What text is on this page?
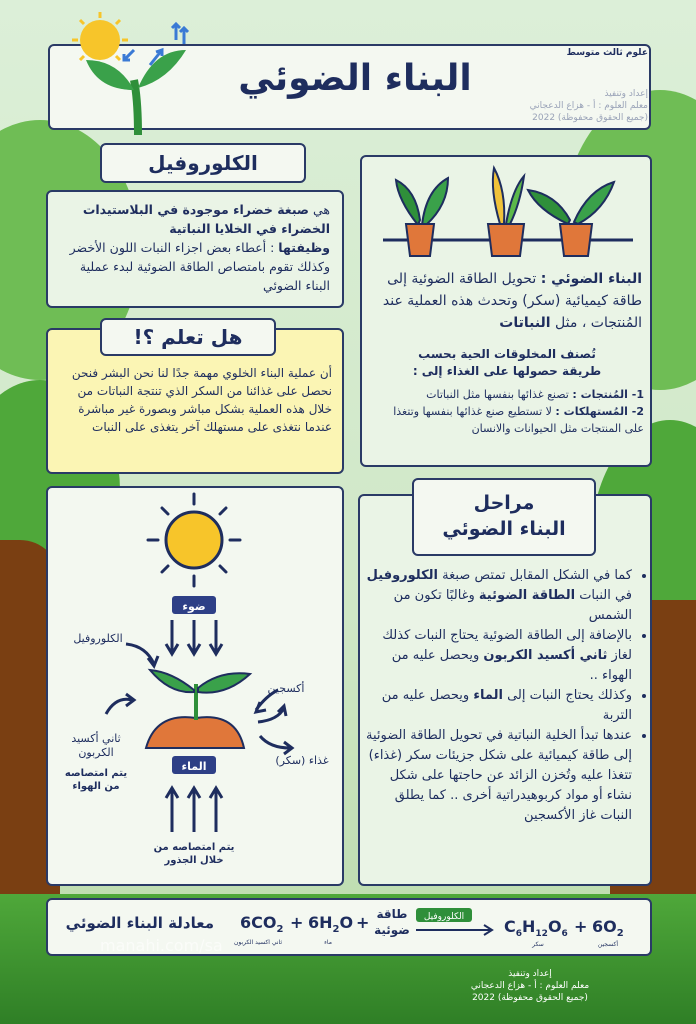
علوم ثالث متوسط
البناء الضوئي	إعداد وتنفيذ
معلم العلوم : أ - هزاع الدعجاني
(جميع الحقوق محفوظة) 2022
الكلوروفيل
هي صبغة خضراء موجودة في البلاستيدات الخضراء في الخلايا النباتية
وظيفتها : أعطاء بعض اجزاء النبات اللون الأخضر وكذلك تقوم بامتصاص الطاقة الضوئية لبدء عملية البناء الضوئي
هل تعلم ؟!
أن عملية البناء الخلوي مهمة جدًا لنا نحن البشر فنحن نحصل على غذائنا من السكر الذي تنتجة النباتات من خلال هذه العملية بشكل مباشر وبصورة غير مباشرة عندما نتغذى على مستهلك آخر يتغذى على النبات
البناء الضوئي : تحويل الطاقة الضوئية إلى طاقة كيميائية (سكر) وتحدث هذه العملية عند المُنتجات ، مثل النباتات
تُصنف المخلوقات الحية بحسب طريقة حصولها على الغذاء إلى :
1- المُنتجات : تصنع غذائها بنفسها مثل النباتات
2- المُستهلكات : لا تستطيع صنع غذائها بنفسها وتتغذا على المنتجات مثل الحيوانات والانسان
ضوء
الماء
الكلوروفيل
أكسجين
ثاني أكسيد
الكربون
يتم امتصاصه
من الهواء
غذاء (سكر)
يتم امتصاصه من
خلال الجذور
مراحل
البناء الضوئي
• كما في الشكل المقابل تمتص صبغة الكلوروفيل في النبات الطاقة الضوئية وغالبًا تكون من الشمس
• بالإضافة إلى الطاقة الضوئية يحتاج النبات كذلك لغاز ثاني أكسيد الكربون ويحصل عليه من الهواء ..
• وكذلك يحتاج النبات إلى الماء ويحصل عليه من التربة
• عندها تبدأ الخلية النباتية في تحويل الطاقة الضوئية إلى طاقة كيميائية على شكل جزيئات سكر (غذاء) تتغذا عليه وتُخزن الزائد عن حاجتها على شكل نشاء أو مواد كربوهيدراتية أخرى .. كما يطلق النبات غاز الأكسجين
معادلة البناء الضوئي $6CO_2$
ثاني اكسيد الكربون
+ $6H_2O$
ماء
+ طاقة
ضوئية
الكلوروفيل $C_6H_{12}O_6$
سكر
+ $6O_2$
أكسجين
manahi.com/sa
إعداد وتنفيذ
معلم العلوم : أ - هزاع الدعجاني
(جميع الحقوق محفوظة) 2022
